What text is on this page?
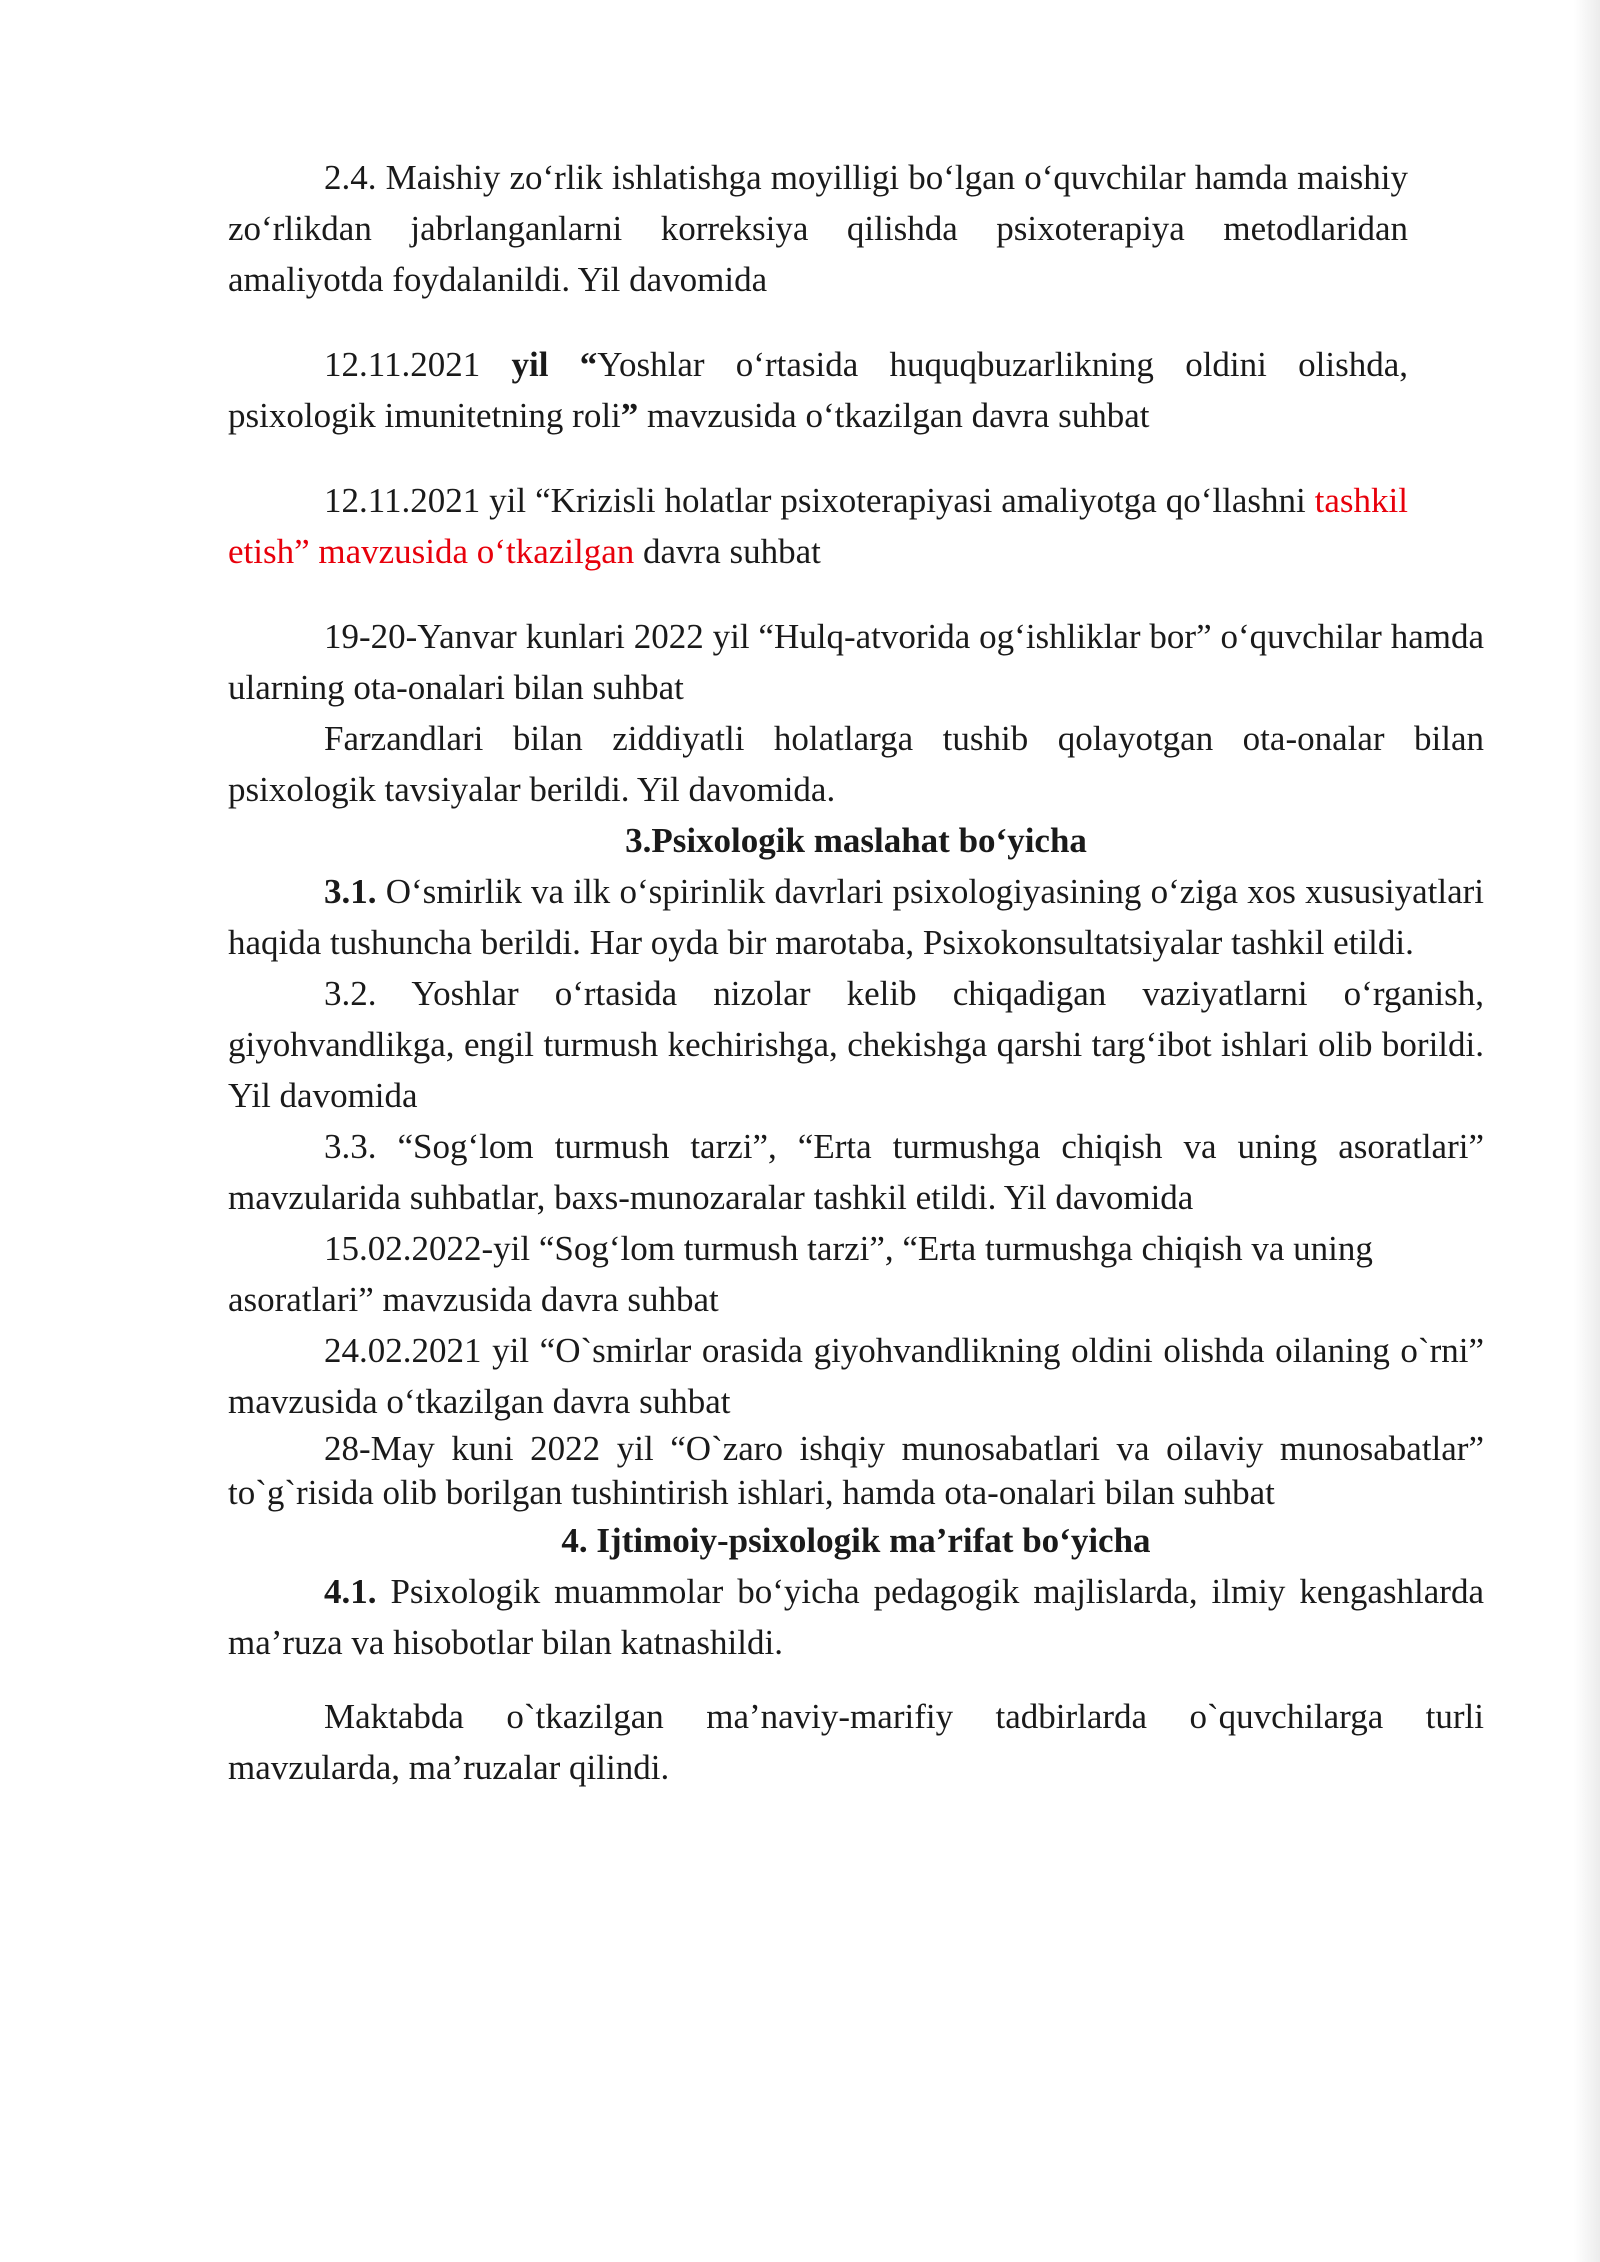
2.4. Maishiy zo‘rlik ishlatishga moyilligi bo‘lgan o‘quvchilar hamda maishiy zo‘rlikdan jabrlanganlarni korreksiya qilishda psixoterapiya metodlaridan amaliyotda foydalanildi. Yil davomida

12.11.2021 yil “Yoshlar o‘rtasida huquqbuzarlikning oldini olishda, psixologik imunitetning roli” mavzusida o‘tkazilgan davra suhbat

12.11.2021 yil “Krizisli holatlar psixoterapiyasi amaliyotga qo‘llashni tashkil etish” mavzusida o‘tkazilgan davra suhbat

19-20-Yanvar kunlari 2022 yil “Hulq-atvorida og‘ishliklar bor” o‘quvchilar hamda ularning ota-onalari bilan suhbat

Farzandlari bilan ziddiyatli holatlarga tushib qolayotgan ota-onalar bilan psixologik tavsiyalar berildi. Yil davomida.

3.Psixologik maslahat bo‘yicha

3.1. O‘smirlik va ilk o‘spirinlik davrlari psixologiyasining o‘ziga xos xususiyatlari haqida tushuncha berildi. Har oyda bir marotaba, Psixokonsultatsiyalar tashkil etildi.

3.2. Yoshlar o‘rtasida nizolar kelib chiqadigan vaziyatlarni o‘rganish, giyohvandlikga, engil turmush kechirishga, chekishga qarshi targ‘ibot ishlari olib borildi. Yil davomida

3.3. “Sog‘lom turmush tarzi”, “Erta turmushga chiqish va uning asoratlari” mavzularida suhbatlar, baxs-munozaralar tashkil etildi. Yil davomida

15.02.2022-yil “Sog‘lom turmush tarzi”, “Erta turmushga chiqish va uning asoratlari” mavzusida davra suhbat

24.02.2021 yil “O`smirlar orasida giyohvandlikning oldini olishda oilaning o`rni” mavzusida o‘tkazilgan davra suhbat

28-May kuni 2022 yil “O`zaro ishqiy munosabatlari va oilaviy munosabatlar” to`g`risida olib borilgan tushintirish ishlari, hamda ota-onalari bilan suhbat

4. Ijtimoiy-psixologik ma’rifat bo‘yicha

4.1. Psixologik muammolar bo‘yicha pedagogik majlislarda, ilmiy kengashlarda ma’ruza va hisobotlar bilan katnashildi.

Maktabda o`tkazilgan ma’naviy-marifiy tadbirlarda o`quvchilarga turli mavzularda, ma’ruzalar qilindi.
